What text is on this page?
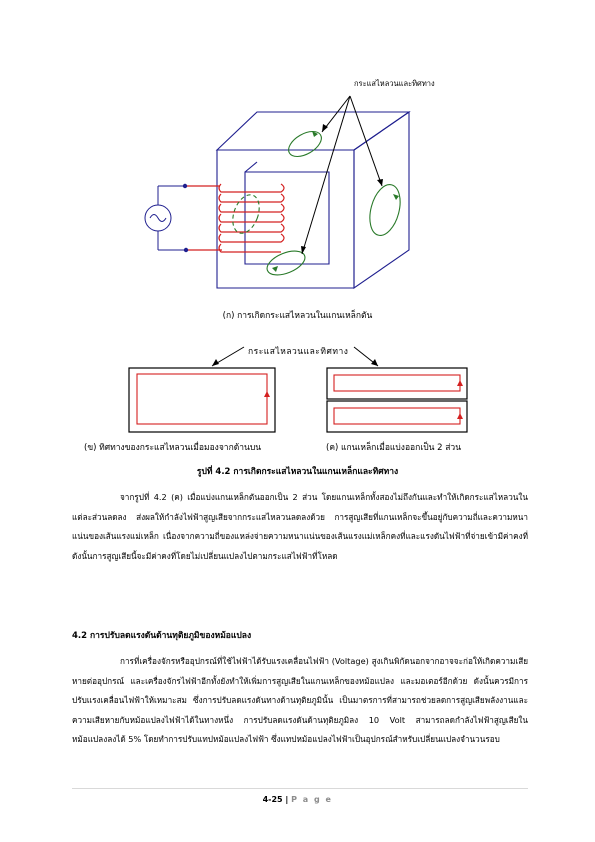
กระแสไหลวนและทิศทาง
(ก) การเกิดกระแสไหลวนในแกนเหล็กตัน
กระแสไหลวนและทิศทาง
(ข) ทิศทางของกระแสไหลวนเมื่อมองจากด้านบน	(ค) แกนเหล็กเมื่อแบ่งออกเป็น 2 ส่วน
รูปที่ 4.2 การเกิดกระแสไหลวนในแกนเหล็กและทิศทาง
จากรูปที่ 4.2 (ค) เมื่อแบ่งแกนเหล็กตันออกเป็น 2 ส่วน โดยแกนเหล็กทั้งสองไม่ถึงกันและทำให้เกิดกระแสไหลวนในแต่ละส่วนลดลง ส่งผลให้กำลังไฟฟ้าสูญเสียจากกระแสไหลวนลดลงด้วย การสูญเสียที่แกนเหล็กจะขึ้นอยู่กับความถี่และความหนาแน่นของเส้นแรงแม่เหล็ก เนื่องจากความถี่ของแหล่งจ่ายความหนาแน่นของเส้นแรงแม่เหล็กคงที่และแรงดันไฟฟ้าที่จ่ายเข้ามีค่าคงที่ ดังนั้นการสูญเสียนี้จะมีค่าคงที่โดยไม่เปลี่ยนแปลงไปตามกระแสไฟฟ้าที่โหลด
4.2 การปรับลดแรงดันด้านทุติยภูมิของหม้อแปลง
การที่เครื่องจักรหรืออุปกรณ์ที่ใช้ไฟฟ้าได้รับแรงเคลื่อนไฟฟ้า (Voltage) สูงเกินพิกัดนอกจากอาจจะก่อให้เกิดความเสียหายต่ออุปกรณ์ และเครื่องจักรไฟฟ้าอีกทั้งยังทำให้เพิ่มการสูญเสียในแกนเหล็กของหม้อแปลง และมอเตอร์อีกด้วย ดังนั้นควรมีการปรับแรงเคลื่อนไฟฟ้าให้เหมาะสม ซึ่งการปรับลดแรงดันทางด้านทุติยภูมินั้น เป็นมาตรการที่สามารถช่วยลดการสูญเสียพลังงานและความเสียหายกับหม้อแปลงไฟฟ้าได้ในทางหนึ่ง การปรับลดแรงดันด้านทุติยภูมิลง 10 Volt สามารถลดกำลังไฟฟ้าสูญเสียในหม้อแปลงลงได้ 5% โดยทำการปรับแทปหม้อแปลงไฟฟ้า ซึ่งแทปหม้อแปลงไฟฟ้าเป็นอุปกรณ์สำหรับเปลี่ยนแปลงจำนวนรอบ
4-25 | P a g e
